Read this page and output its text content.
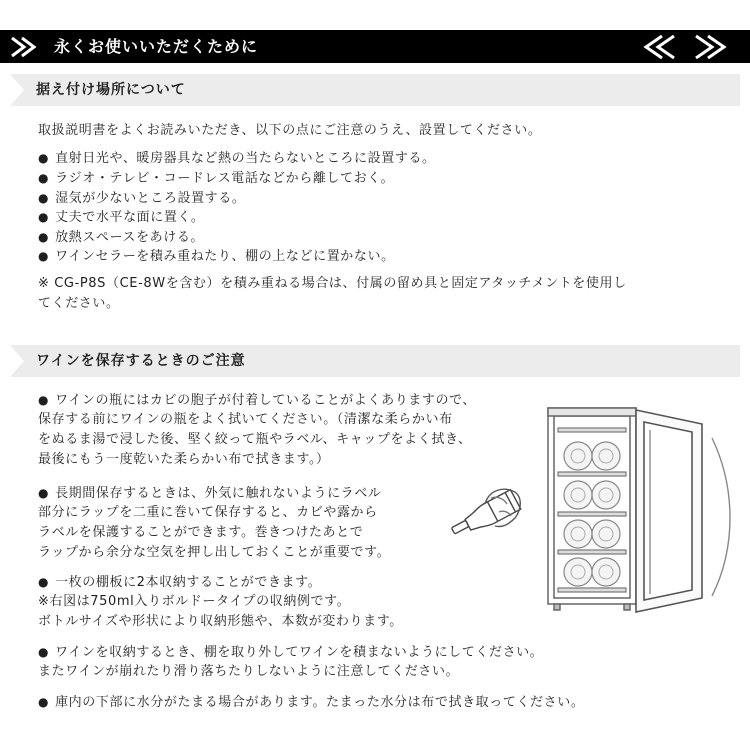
永くお使いいただくために
据え付け場所について
取扱説明書をよくお読みいただき、以下の点にご注意のうえ、設置してください。
● 直射日光や、暖房器具など熱の当たらないところに設置する。
● ラジオ・テレビ・コードレス電話などから離しておく。
● 湿気が少ないところ設置する。
● 丈夫で水平な面に置く。
● 放熱スペースをあける。
● ワインセラーを積み重ねたり、棚の上などに置かない。
※ CG-P8S（CE-8Wを含む）を積み重ねる場合は、付属の留め具と固定アタッチメントを使用し
てください。
ワインを保存するときのご注意
● ワインの瓶にはカビの胞子が付着していることがよくありますので、
保存する前にワインの瓶をよく拭いてください。（清潔な柔らかい布
をぬるま湯で浸した後、堅く絞って瓶やラベル、キャップをよく拭き、
最後にもう一度乾いた柔らかい布で拭きます。）
● 長期間保存するときは、外気に触れないようにラベル
部分にラップを二重に巻いて保存すると、カビや露から
ラベルを保護することができます。巻きつけたあとで
ラップから余分な空気を押し出しておくことが重要です。
● 一枚の棚板に2本収納することができます。
※右図は750ml入りボルドータイプの収納例です。
ボトルサイズや形状により収納形態や、本数が変わります。
● ワインを収納するとき、棚を取り外してワインを積まないようにしてください。
またワインが崩れたり滑り落ちたりしないように注意してください。
● 庫内の下部に水分がたまる場合があります。たまった水分は布で拭き取ってください。
